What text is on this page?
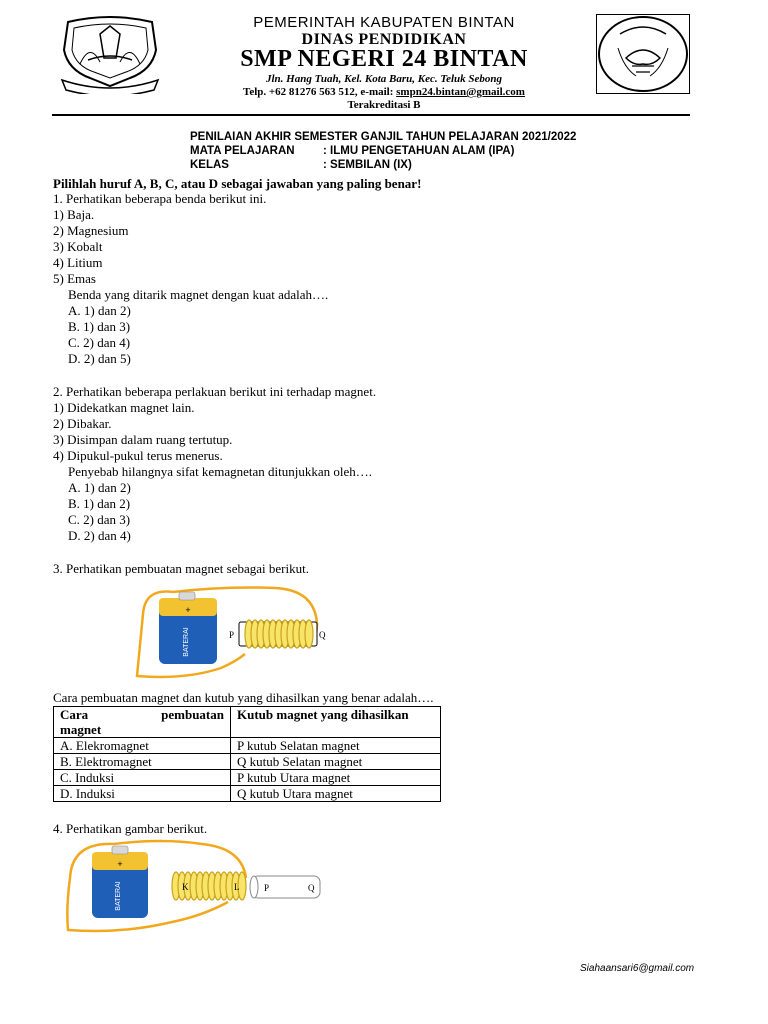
PEMERINTAH KABUPATEN BINTAN
DINAS PENDIDIKAN
SMP NEGERI 24 BINTAN
Jln. Hang Tuah, Kel. Kota Baru, Kec. Teluk Sebong
Telp. +62 81276 563 512, e-mail: smpn24.bintan@gmail.com
Terakreditasi B
PENILAIAN AKHIR SEMESTER GANJIL TAHUN PELAJARAN 2021/2022
MATA PELAJARAN : ILMU PENGETAHUAN ALAM (IPA)
KELAS	: SEMBILAN (IX)
Pilihlah huruf A, B, C, atau D sebagai jawaban yang paling benar!
1. Perhatikan beberapa benda berikut ini.
1) Baja.
2) Magnesium
3) Kobalt
4) Litium
5) Emas
Benda yang ditarik magnet dengan kuat adalah….
A. 1) dan 2)
B. 1) dan 3)
C. 2) dan 4)
D. 2) dan 5)
2. Perhatikan beberapa perlakuan berikut ini terhadap magnet.
1) Didekatkan magnet lain.
2) Dibakar.
3) Disimpan dalam ruang tertutup.
4) Dipukul-pukul terus menerus.
Penyebab hilangnya sifat kemagnetan ditunjukkan oleh….
A. 1) dan 2)
B. 1) dan 2)
C. 2) dan 3)
D. 2) dan 4)
3. Perhatikan pembuatan magnet sebagai berikut.
+
BATERAI	P	Q
Cara pembuatan magnet dan kutub yang dihasilkan yang benar adalah….
Cara pembuatan
magnet	Kutub magnet yang dihasilkan
A. Elekromagnet	P kutub Selatan magnet
B. Elektromagnet	Q kutub Selatan magnet
C. Induksi	P kutub Utara magnet
D. Induksi	Q kutub Utara magnet
4. Perhatikan gambar berikut.
+
BATERAI	K	L	P	Q
Siahaansari6@gmail.com
